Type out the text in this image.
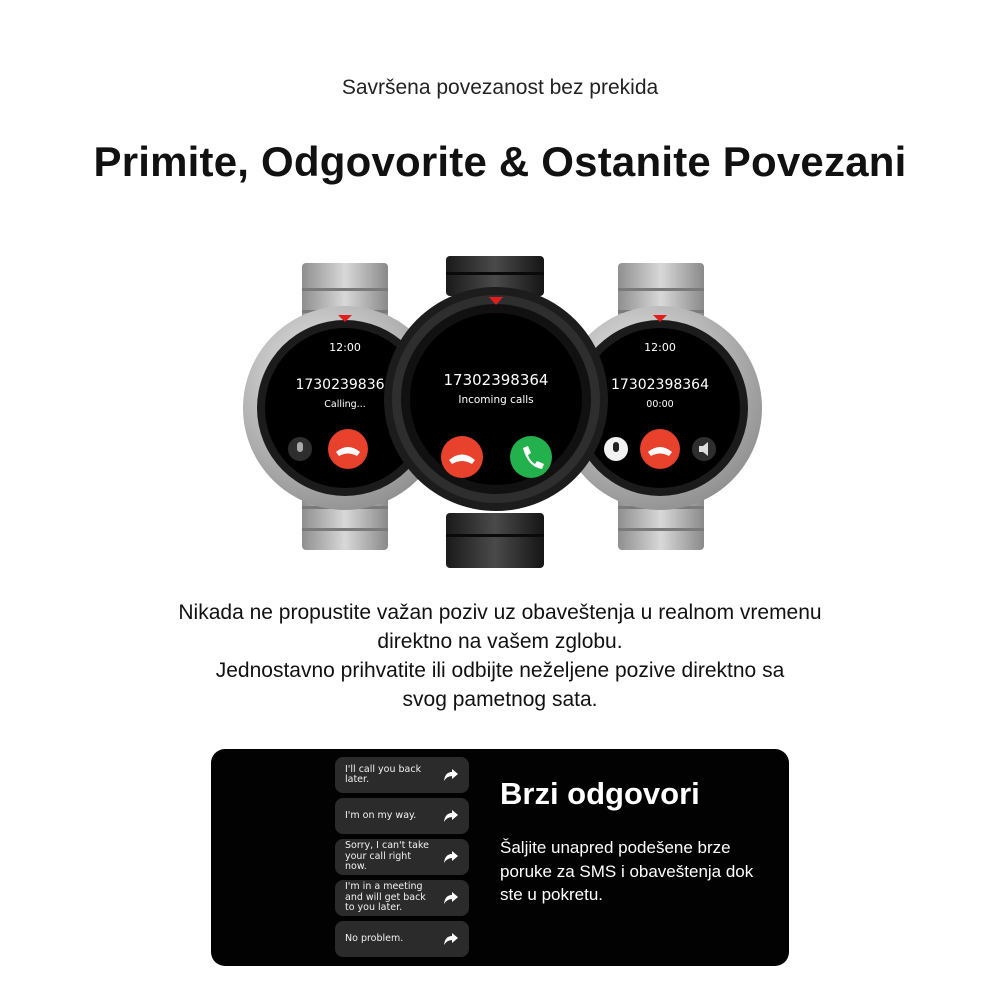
Savršena povezanost bez prekida
Primite, Odgovorite & Ostanite Povezani
12:00
1730239836
Calling...
12:00
17302398364
00:00
17302398364
Incoming calls

Nikada ne propustite važan poziv uz obaveštenja u realnom vremenu

direktno na vašem zglobu.

Jednostavno prihvatite ili odbijte neželjene pozive direktno sa

svog pametnog sata.

I'll call you back later.
I'm on my way.
Sorry, I can't take your call right now.
I'm in a meeting and will get back to you later.
No problem.
Brzi odgovori
Šaljite unapred podešene brze poruke za SMS i obaveštenja dok ste u pokretu.
